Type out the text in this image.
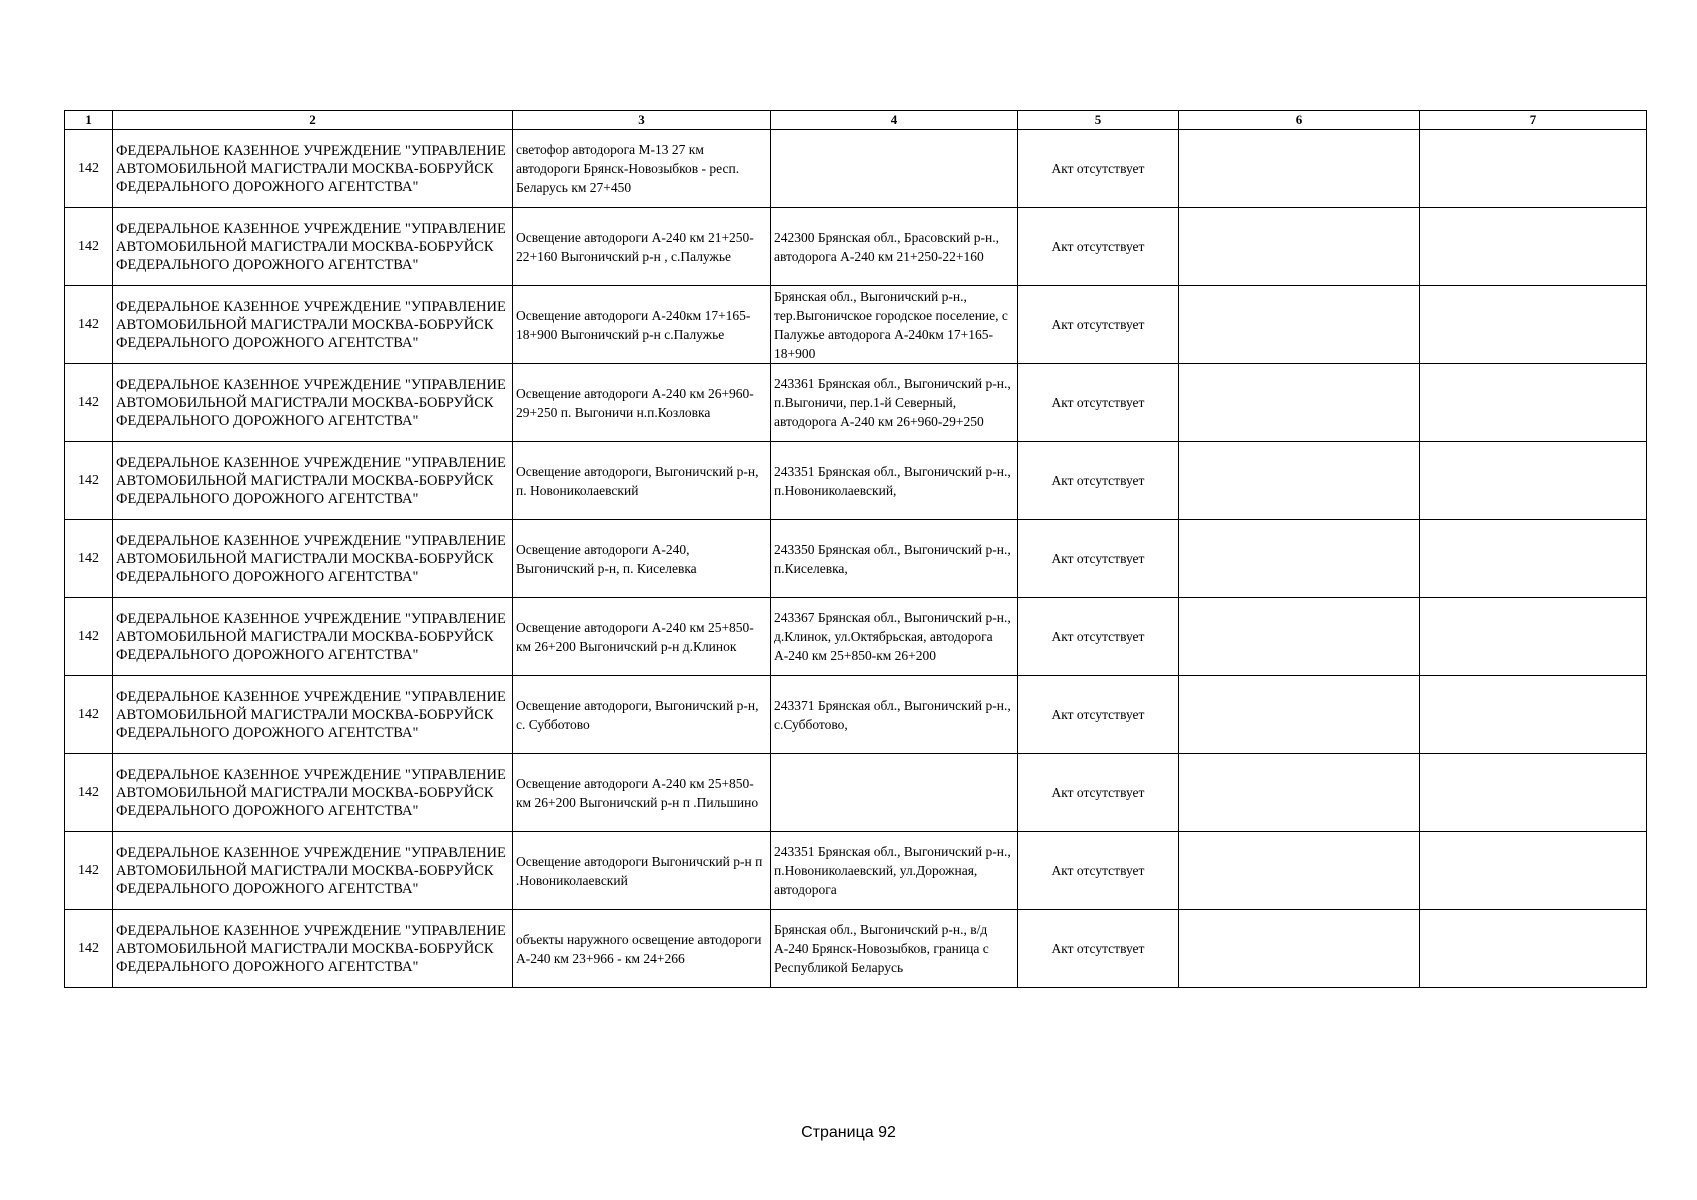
1	2	3	4	5	6	7
142	ФЕДЕРАЛЬНОЕ КАЗЕННОЕ УЧРЕЖДЕНИЕ "УПРАВЛЕНИЕ АВТОМОБИЛЬНОЙ МАГИСТРАЛИ МОСКВА-БОБРУЙСК ФЕДЕРАЛЬНОГО ДОРОЖНОГО АГЕНТСТВА"	светофор автодорога М-13 27 км автодороги Брянск-Новозыбков - респ. Беларусь км 27+450		Акт отсутствует		
142	ФЕДЕРАЛЬНОЕ КАЗЕННОЕ УЧРЕЖДЕНИЕ "УПРАВЛЕНИЕ АВТОМОБИЛЬНОЙ МАГИСТРАЛИ МОСКВА-БОБРУЙСК ФЕДЕРАЛЬНОГО ДОРОЖНОГО АГЕНТСТВА"	Освещение автодороги А-240 км 21+250-22+160 Выгоничский р-н , с.Палужье	242300 Брянская обл., Брасовский р-н., автодорога А-240 км 21+250-22+160	Акт отсутствует		
142	ФЕДЕРАЛЬНОЕ КАЗЕННОЕ УЧРЕЖДЕНИЕ "УПРАВЛЕНИЕ АВТОМОБИЛЬНОЙ МАГИСТРАЛИ МОСКВА-БОБРУЙСК ФЕДЕРАЛЬНОГО ДОРОЖНОГО АГЕНТСТВА"	Освещение автодороги А-240км 17+165-18+900 Выгоничский р-н с.Палужье	Брянская обл., Выгоничский р-н., тер.Выгоничское городское поселение, с Палужье автодорога А-240км 17+165-18+900	Акт отсутствует		
142	ФЕДЕРАЛЬНОЕ КАЗЕННОЕ УЧРЕЖДЕНИЕ "УПРАВЛЕНИЕ АВТОМОБИЛЬНОЙ МАГИСТРАЛИ МОСКВА-БОБРУЙСК ФЕДЕРАЛЬНОГО ДОРОЖНОГО АГЕНТСТВА"	Освещение автодороги А-240 км 26+960-29+250 п. Выгоничи н.п.Козловка	243361 Брянская обл., Выгоничский р-н., п.Выгоничи, пер.1-й Северный, автодорога А-240 км 26+960-29+250	Акт отсутствует		
142	ФЕДЕРАЛЬНОЕ КАЗЕННОЕ УЧРЕЖДЕНИЕ "УПРАВЛЕНИЕ АВТОМОБИЛЬНОЙ МАГИСТРАЛИ МОСКВА-БОБРУЙСК ФЕДЕРАЛЬНОГО ДОРОЖНОГО АГЕНТСТВА"	Освещение автодороги, Выгоничский р-н, п. Новониколаевский	243351 Брянская обл., Выгоничский р-н., п.Новониколаевский,	Акт отсутствует		
142	ФЕДЕРАЛЬНОЕ КАЗЕННОЕ УЧРЕЖДЕНИЕ "УПРАВЛЕНИЕ АВТОМОБИЛЬНОЙ МАГИСТРАЛИ МОСКВА-БОБРУЙСК ФЕДЕРАЛЬНОГО ДОРОЖНОГО АГЕНТСТВА"	Освещение автодороги А-240, Выгоничский р-н, п. Киселевка	243350 Брянская обл., Выгоничский р-н., п.Киселевка,	Акт отсутствует		
142	ФЕДЕРАЛЬНОЕ КАЗЕННОЕ УЧРЕЖДЕНИЕ "УПРАВЛЕНИЕ АВТОМОБИЛЬНОЙ МАГИСТРАЛИ МОСКВА-БОБРУЙСК ФЕДЕРАЛЬНОГО ДОРОЖНОГО АГЕНТСТВА"	Освещение автодороги А-240 км 25+850-км 26+200 Выгоничский р-н д.Клинок	243367 Брянская обл., Выгоничский р-н., д.Клинок, ул.Октябрьская, автодорога А-240 км 25+850-км 26+200	Акт отсутствует		
142	ФЕДЕРАЛЬНОЕ КАЗЕННОЕ УЧРЕЖДЕНИЕ "УПРАВЛЕНИЕ АВТОМОБИЛЬНОЙ МАГИСТРАЛИ МОСКВА-БОБРУЙСК ФЕДЕРАЛЬНОГО ДОРОЖНОГО АГЕНТСТВА"	Освещение автодороги, Выгоничский р-н, с. Субботово	243371 Брянская обл., Выгоничский р-н., с.Субботово,	Акт отсутствует		
142	ФЕДЕРАЛЬНОЕ КАЗЕННОЕ УЧРЕЖДЕНИЕ "УПРАВЛЕНИЕ АВТОМОБИЛЬНОЙ МАГИСТРАЛИ МОСКВА-БОБРУЙСК ФЕДЕРАЛЬНОГО ДОРОЖНОГО АГЕНТСТВА"	Освещение автодороги А-240 км 25+850-км 26+200 Выгоничский р-н п .Пильшино		Акт отсутствует		
142	ФЕДЕРАЛЬНОЕ КАЗЕННОЕ УЧРЕЖДЕНИЕ "УПРАВЛЕНИЕ АВТОМОБИЛЬНОЙ МАГИСТРАЛИ МОСКВА-БОБРУЙСК ФЕДЕРАЛЬНОГО ДОРОЖНОГО АГЕНТСТВА"	Освещение автодороги Выгоничский р-н п .Новониколаевский	243351 Брянская обл., Выгоничский р-н., п.Новониколаевский, ул.Дорожная, автодорога	Акт отсутствует		
142	ФЕДЕРАЛЬНОЕ КАЗЕННОЕ УЧРЕЖДЕНИЕ "УПРАВЛЕНИЕ АВТОМОБИЛЬНОЙ МАГИСТРАЛИ МОСКВА-БОБРУЙСК ФЕДЕРАЛЬНОГО ДОРОЖНОГО АГЕНТСТВА"	объекты наружного освещение автодороги А-240 км 23+966 - км 24+266	Брянская обл., Выгоничский р-н., в/д А-240 Брянск-Новозыбков, граница с Республикой Беларусь	Акт отсутствует		
Страница 92
